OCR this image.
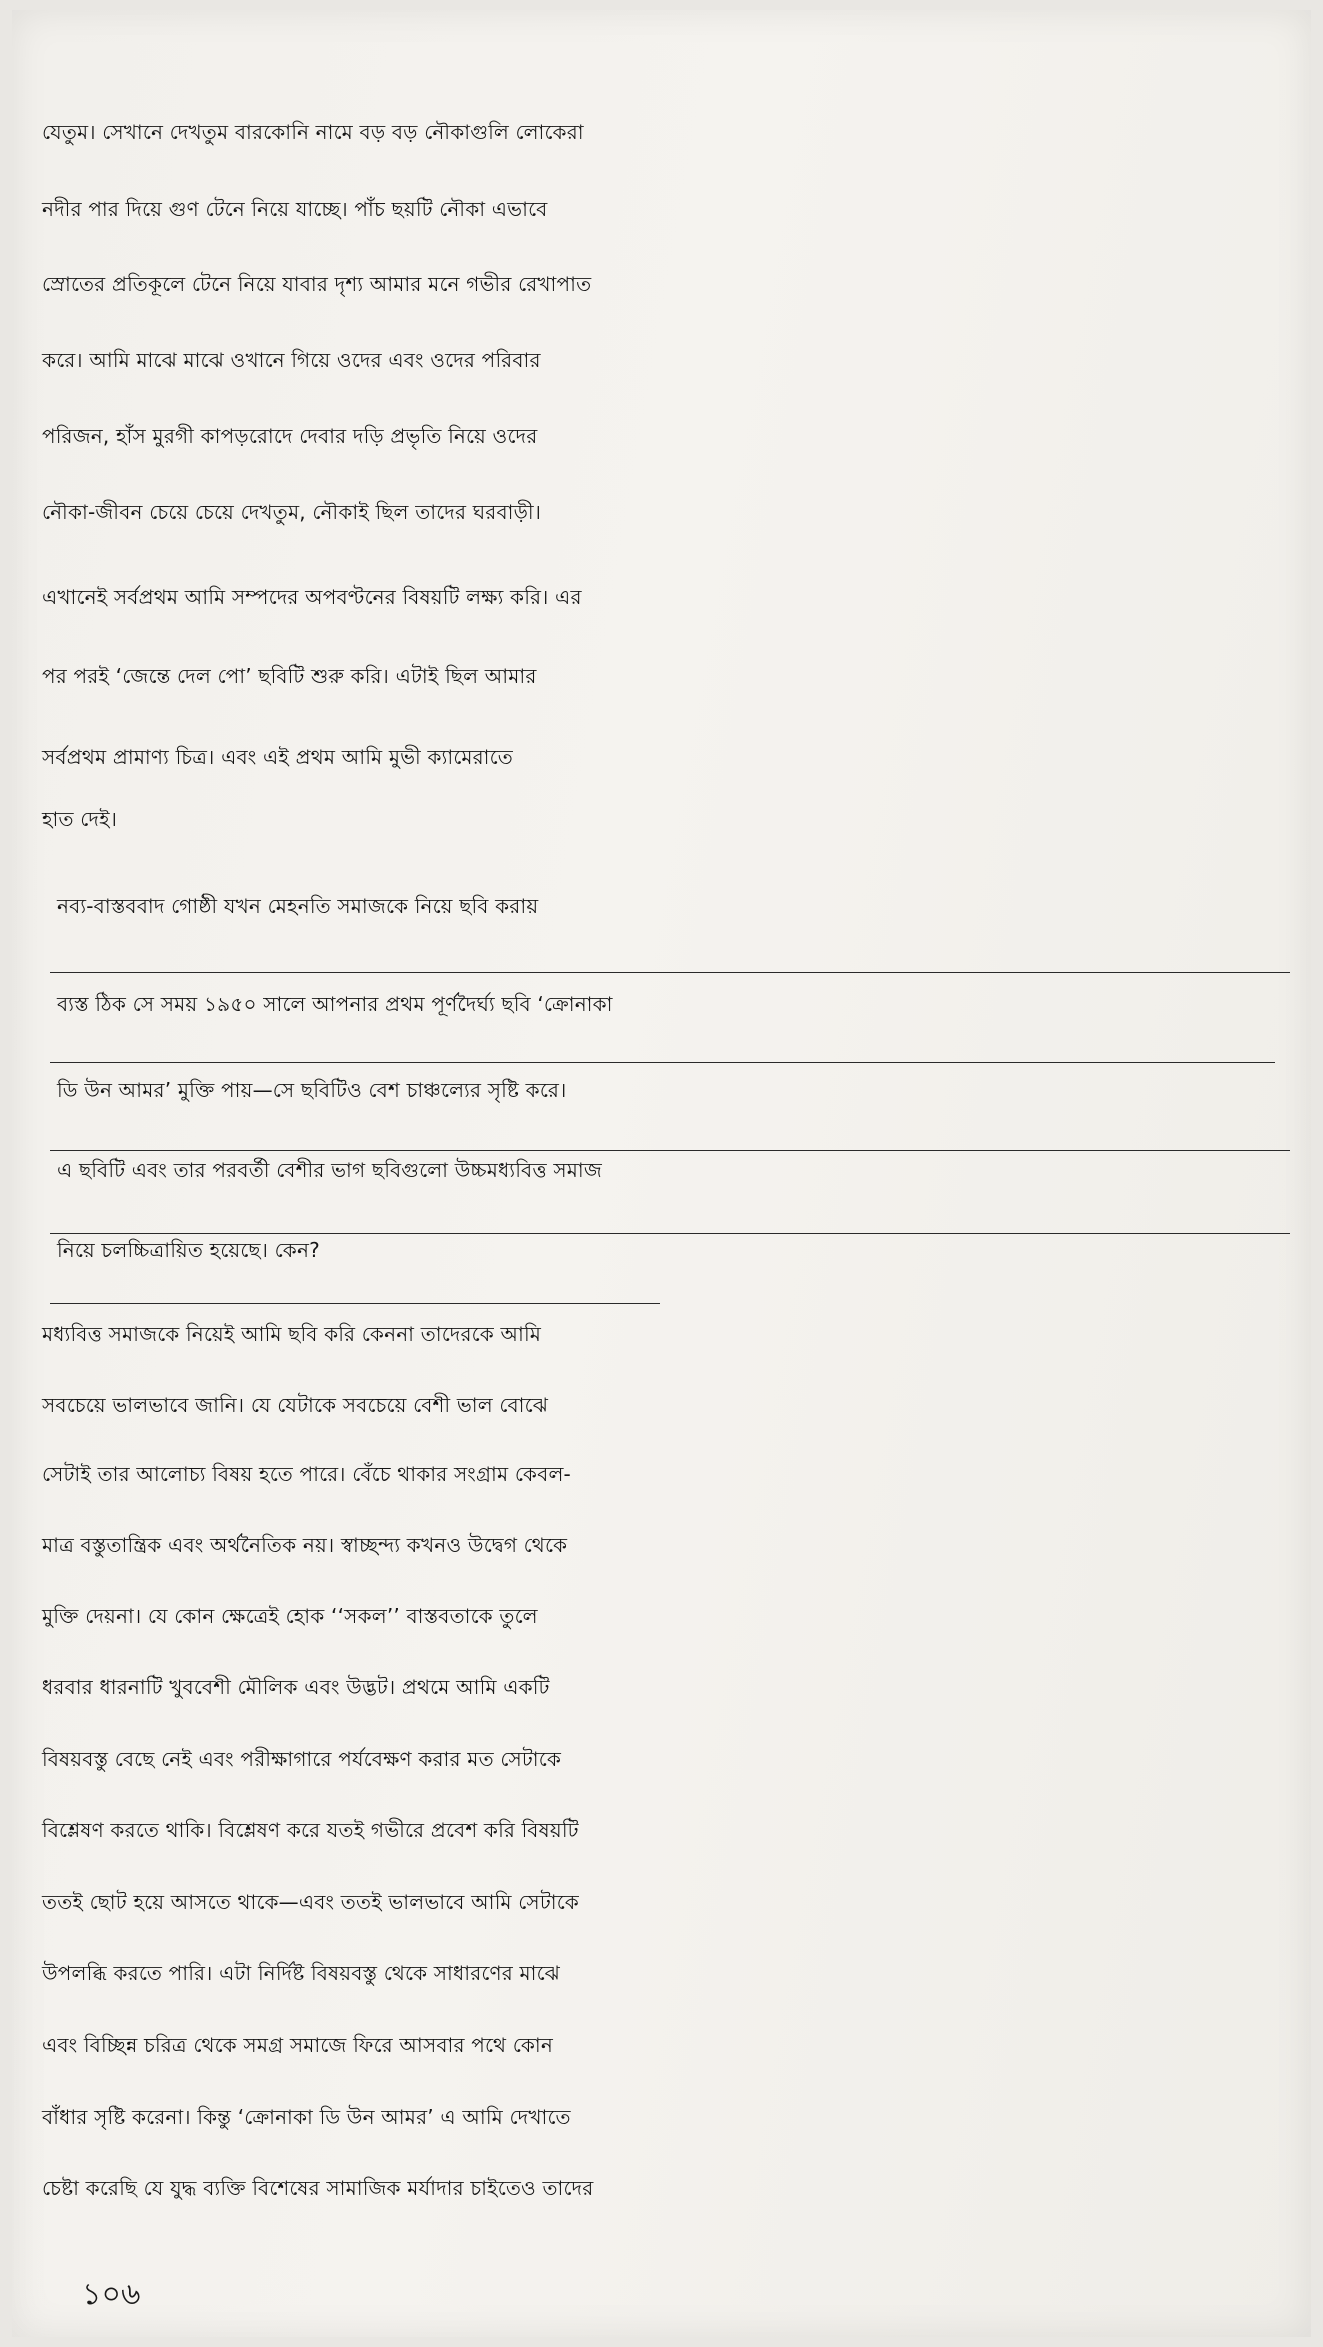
যেতুম। সেখানে দেখতুম বারকোনি নামে বড় বড় নৌকাগুলি লোকেরা
নদীর পার দিয়ে গুণ টেনে নিয়ে যাচ্ছে। পাঁচ ছয়টি নৌকা এভাবে
স্রোতের প্রতিকূলে টেনে নিয়ে যাবার দৃশ্য আমার মনে গভীর রেখাপাত
করে। আমি মাঝে মাঝে ওখানে গিয়ে ওদের এবং ওদের পরিবার
পরিজন, হাঁস মুরগী কাপড়রোদে দেবার দড়ি প্রভৃতি নিয়ে ওদের
নৌকা-জীবন চেয়ে চেয়ে দেখতুম, নৌকাই ছিল তাদের ঘরবাড়ী।
এখানেই সর্বপ্রথম আমি সম্পদের অপবণ্টনের বিষয়টি লক্ষ্য করি। এর
পর পরই ‘জেন্তে দেল পো’ ছবিটি শুরু করি। এটাই ছিল আমার
সর্বপ্রথম প্রামাণ্য চিত্র। এবং এই প্রথম আমি মুভী ক্যামেরাতে
হাত দেই।
নব্য-বাস্তববাদ গোষ্ঠী যখন মেহনতি সমাজকে নিয়ে ছবি করায়
ব্যস্ত ঠিক সে সময় ১৯৫০ সালে আপনার প্রথম পূর্ণদৈর্ঘ্য ছবি ‘ক্রোনাকা
ডি উন আমর’ মুক্তি পায়—সে ছবিটিও বেশ চাঞ্চল্যের সৃষ্টি করে।
এ ছবিটি এবং তার পরবর্তী বেশীর ভাগ ছবিগুলো উচ্চমধ্যবিত্ত সমাজ
নিয়ে চলচ্চিত্রায়িত হয়েছে। কেন?
মধ্যবিত্ত সমাজকে নিয়েই আমি ছবি করি কেননা তাদেরকে আমি
সবচেয়ে ভালভাবে জানি। যে যেটাকে সবচেয়ে বেশী ভাল বোঝে
সেটাই তার আলোচ্য বিষয় হতে পারে। বেঁচে থাকার সংগ্রাম কেবল-
মাত্র বস্তুতান্ত্রিক এবং অর্থনৈতিক নয়। স্বাচ্ছন্দ্য কখনও উদ্বেগ থেকে
মুক্তি দেয়না। যে কোন ক্ষেত্রেই হোক ‘‘সকল’’ বাস্তবতাকে তুলে
ধরবার ধারনাটি খুববেশী মৌলিক এবং উদ্ভট। প্রথমে আমি একটি
বিষয়বস্তু বেছে নেই এবং পরীক্ষাগারে পর্যবেক্ষণ করার মত সেটাকে
বিশ্লেষণ করতে থাকি। বিশ্লেষণ করে যতই গভীরে প্রবেশ করি বিষয়টি
ততই ছোট হয়ে আসতে থাকে—এবং ততই ভালভাবে আমি সেটাকে
উপলব্ধি করতে পারি। এটা নির্দিষ্ট বিষয়বস্তু থেকে সাধারণের মাঝে
এবং বিচ্ছিন্ন চরিত্র থেকে সমগ্র সমাজে ফিরে আসবার পথে কোন
বাঁধার সৃষ্টি করেনা। কিন্তু ‘ক্রোনাকা ডি উন আমর’ এ আমি দেখাতে
চেষ্টা করেছি যে যুদ্ধ ব্যক্তি বিশেষের সামাজিক মর্যাদার চাইতেও তাদের
১০৬
